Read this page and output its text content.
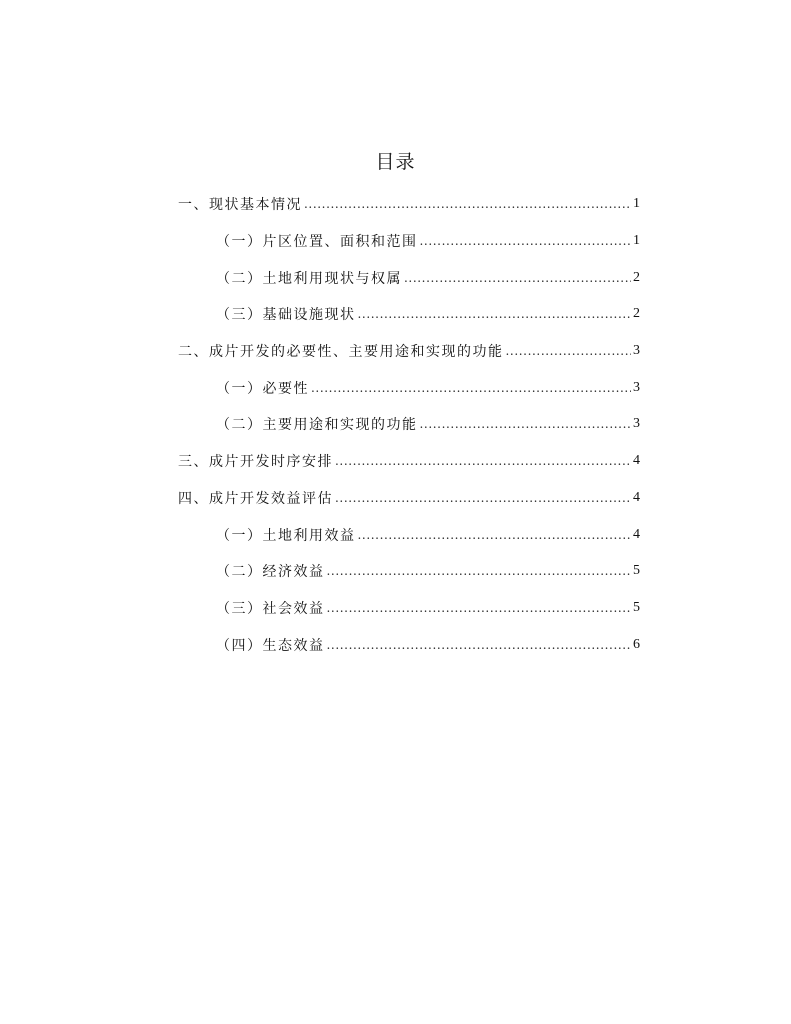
目录
一、现状基本情况 .....	1
（一）片区位置、面积和范围 .....	1
（二）土地利用现状与权属 .....	2
（三）基础设施现状 .....	2
二、成片开发的必要性、主要用途和实现的功能 .....	3
（一）必要性 .....	3
（二）主要用途和实现的功能 .....	3
三、成片开发时序安排 .....	4
四、成片开发效益评估 .....	4
（一）土地利用效益 .....	4
（二）经济效益 .....	5
（三）社会效益 .....	5
（四）生态效益 .....	6
